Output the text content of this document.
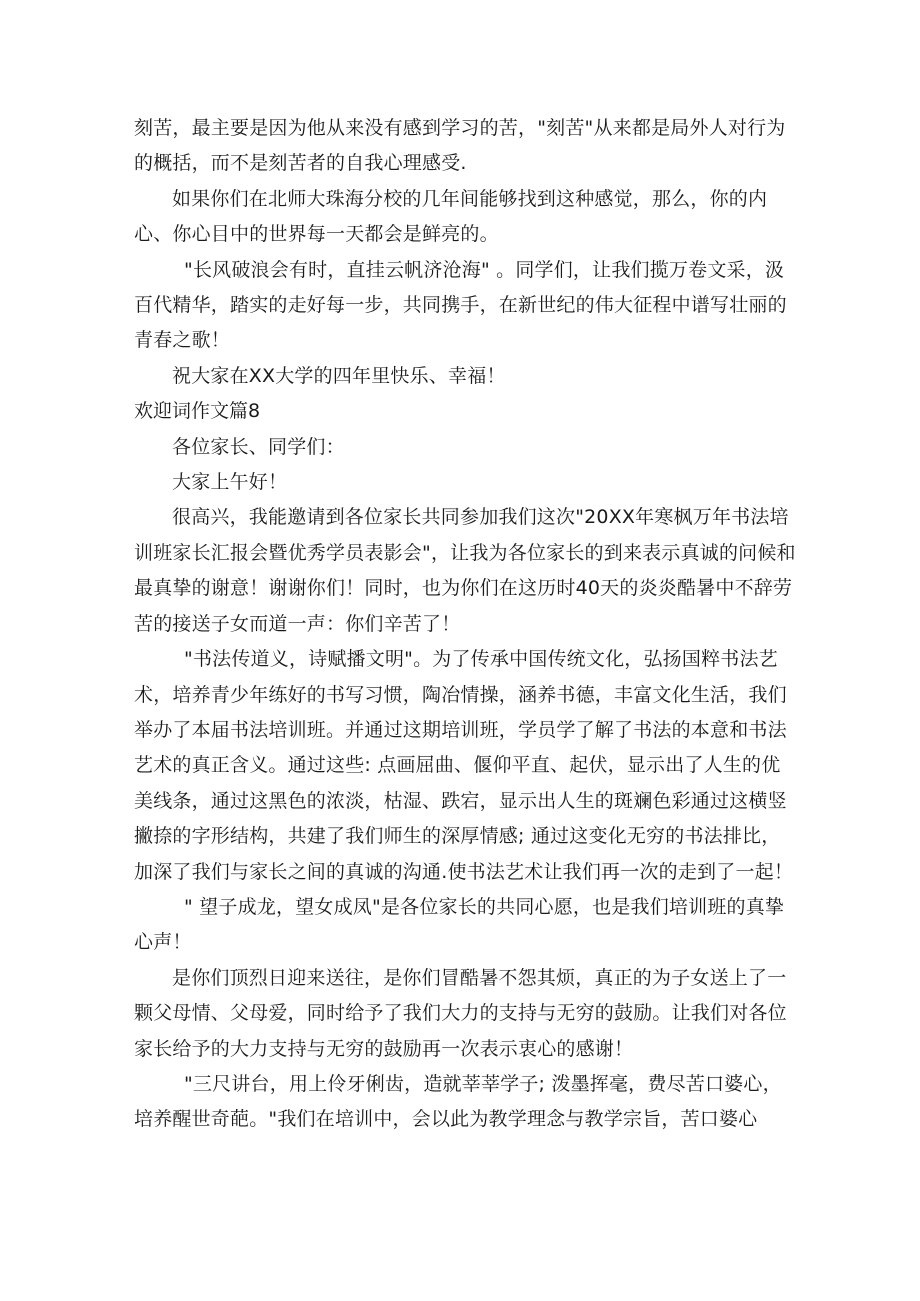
刻苦，最主要是因为他从来没有感到学习的苦，"刻苦"从来都是局外人对行为的概括，而不是刻苦者的自我心理感受.

如果你们在北师大珠海分校的几年间能够找到这种感觉，那么，你的内心、你心目中的世界每一天都会是鲜亮的。

"长风破浪会有时，直挂云帆济沧海" 。同学们，让我们揽万卷文采，汲百代精华，踏实的走好每一步，共同携手，在新世纪的伟大征程中谱写壮丽的青春之歌！

祝大家在XX大学的四年里快乐、幸福！

欢迎词作文篇8

各位家长、同学们：

大家上午好！

很高兴，我能邀请到各位家长共同参加我们这次"20XX年寒枫万年书法培训班家长汇报会暨优秀学员表影会"，让我为各位家长的到来表示真诚的问候和最真挚的谢意！谢谢你们！同时，也为你们在这历时40天的炎炎酷暑中不辞劳苦的接送子女而道一声：你们辛苦了！

"书法传道义，诗赋播文明"。为了传承中国传统文化，弘扬国粹书法艺术，培养青少年练好的书写习惯，陶冶情操，涵养书德，丰富文化生活，我们举办了本届书法培训班。并通过这期培训班，学员学了解了书法的本意和书法艺术的真正含义。通过这些: 点画屈曲、偃仰平直、起伏，显示出了人生的优美线条，通过这黑色的浓淡，枯湿、跌宕，显示出人生的斑斓色彩通过这横竖撇捺的字形结构，共建了我们师生的深厚情感; 通过这变化无穷的书法排比，加深了我们与家长之间的真诚的沟通.使书法艺术让我们再一次的走到了一起！

" 望子成龙，望女成凤"是各位家长的共同心愿，也是我们培训班的真挚心声！

是你们顶烈日迎来送往，是你们冒酷暑不怨其烦，真正的为子女送上了一颗父母情、父母爱，同时给予了我们大力的支持与无穷的鼓励。让我们对各位家长给予的大力支持与无穷的鼓励再一次表示衷心的感谢！

"三尺讲台，用上伶牙俐齿，造就莘莘学子; 泼墨挥毫，费尽苦口婆心，培养醒世奇葩。"我们在培训中，会以此为教学理念与教学宗旨，苦口婆心
